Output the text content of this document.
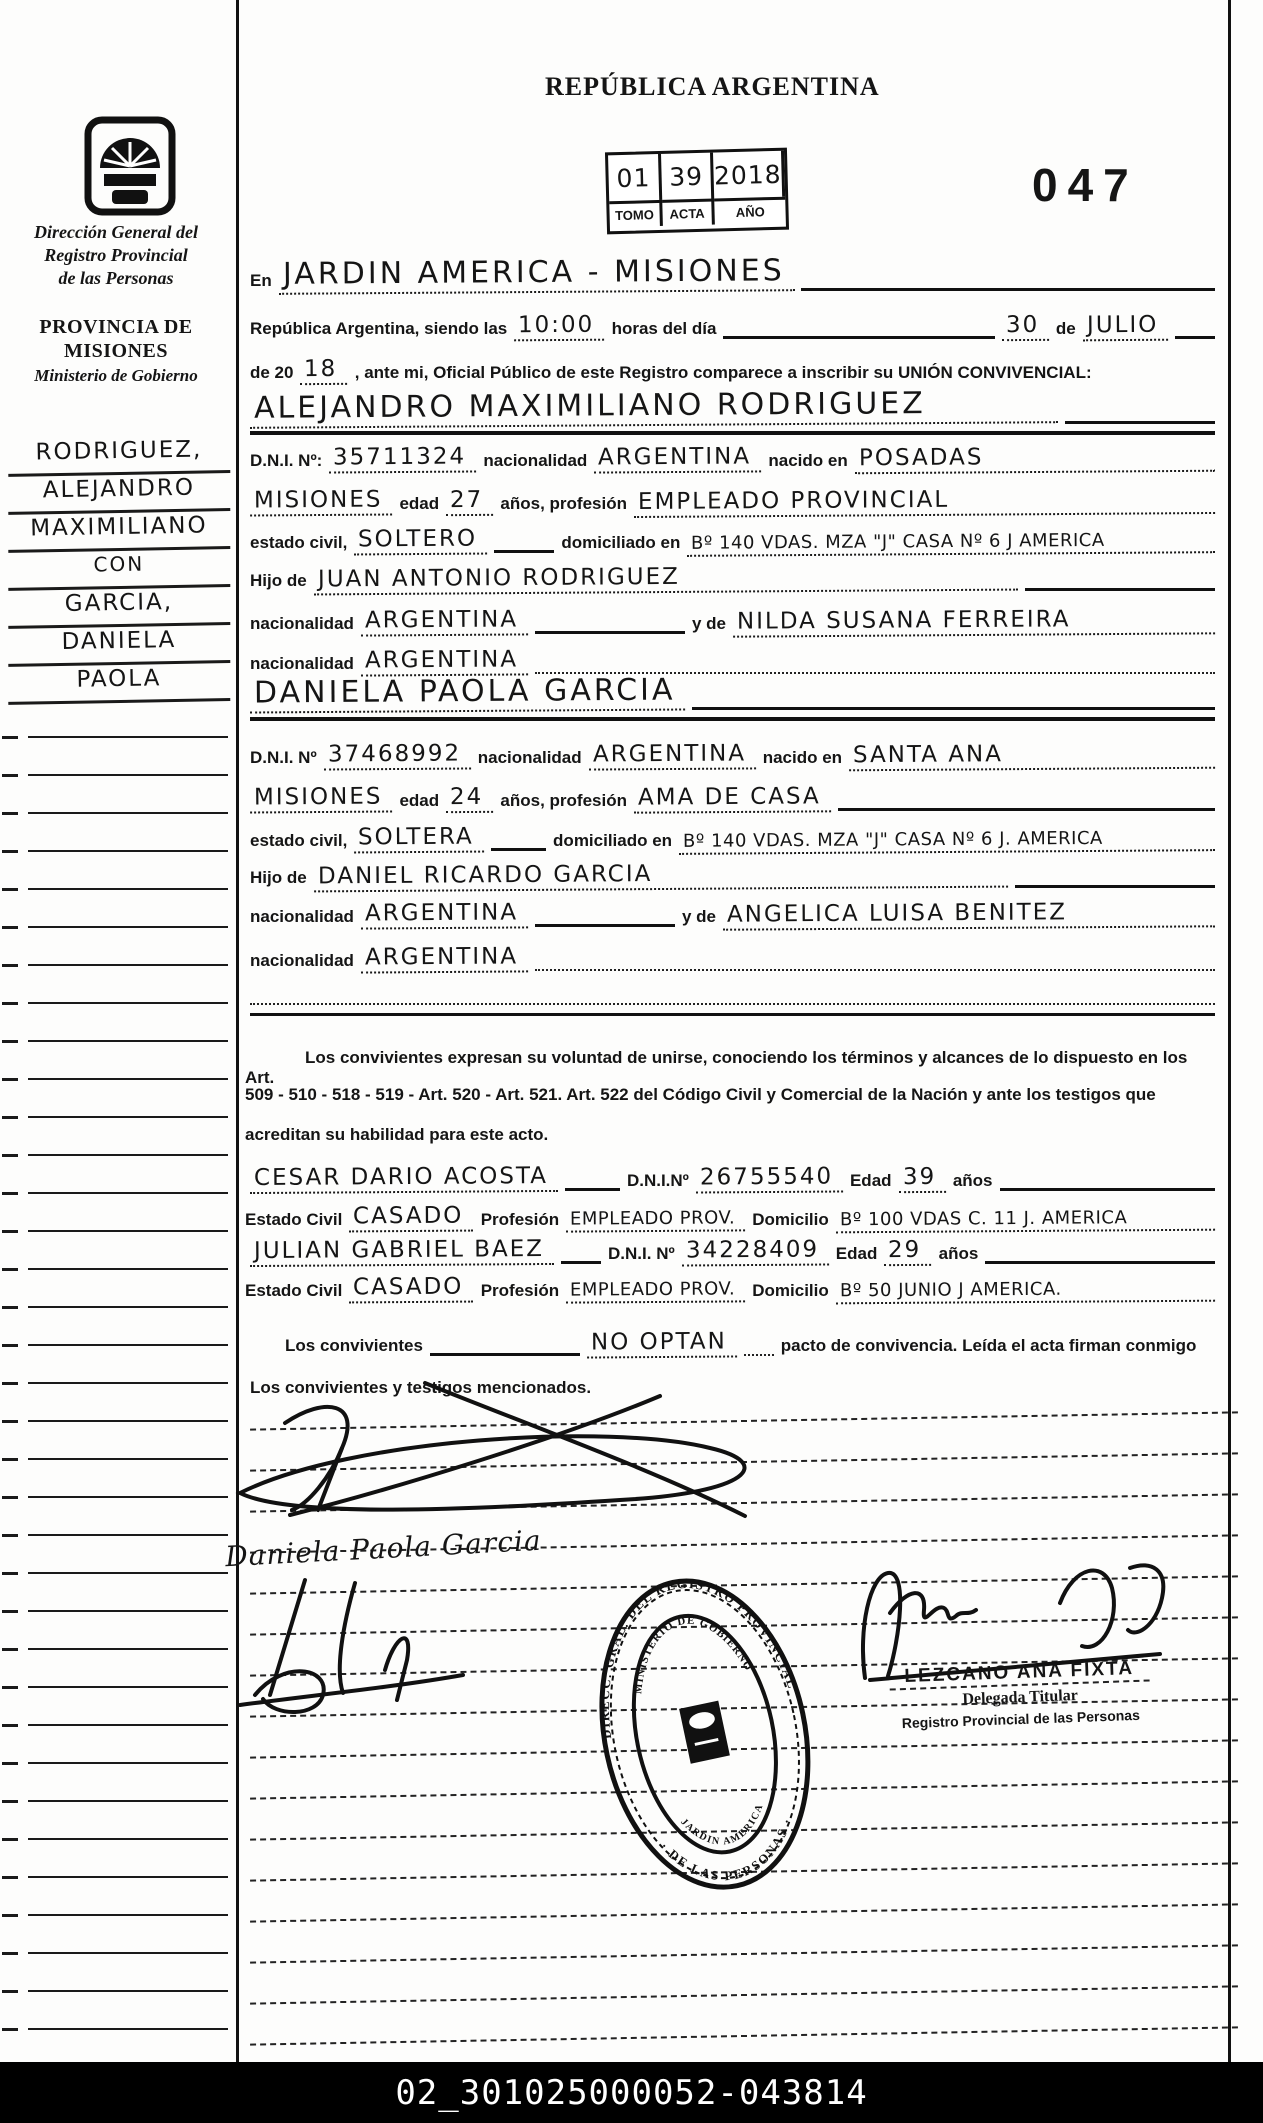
Dirección General del
Registro Provincial
de las Personas
PROVINCIA DE
MISIONES
Ministerio de Gobierno
RODRIGUEZ,
ALEJANDRO
MAXIMILIANO
CON
GARCIA,
DANIELA
PAOLA
REPÚBLICA ARGENTINA
047
01 39 2018
TOMO	ACTA	AÑO
En JARDIN AMERICA - MISIONES
República Argentina, siendo las 10:00 horas del día	30 de JULIO
de 20 18 , ante mi, Oficial Público de este Registro comparece a inscribir su UNIÓN CONVIVENCIAL:
ALEJANDRO MAXIMILIANO RODRIGUEZ
D.N.I. Nº: 35711324 nacionalidad ARGENTINA nacido en POSADAS
MISIONES edad 27 años, profesión EMPLEADO PROVINCIAL
estado civil, SOLTERO	domiciliado en Bº 140 VDAS. MZA "J" CASA Nº 6 J AMERICA
Hijo de JUAN ANTONIO RODRIGUEZ
nacionalidad ARGENTINA	y de NILDA SUSANA FERREIRA
nacionalidad ARGENTINA
DANIELA PAOLA GARCIA
D.N.I. Nº 37468992 nacionalidad ARGENTINA nacido en SANTA ANA
MISIONES edad 24 años, profesión AMA DE CASA
estado civil, SOLTERA	domiciliado en Bº 140 VDAS. MZA "J" CASA Nº 6 J. AMERICA
Hijo de DANIEL RICARDO GARCIA
nacionalidad ARGENTINA	y de ANGELICA LUISA BENITEZ
nacionalidad ARGENTINA
Los convivientes expresan su voluntad de unirse, conociendo los términos y alcances de lo dispuesto en los Art.
509 - 510 - 518 - 519 - Art. 520 - Art. 521. Art. 522 del Código Civil y Comercial de la Nación y ante los testigos que
acreditan su habilidad para este acto.
CESAR DARIO ACOSTA	D.N.I.Nº 26755540 Edad 39 años
Estado Civil CASADO Profesión EMPLEADO PROV. Domicilio Bº 100 VDAS C. 11 J. AMERICA
JULIAN GABRIEL BAEZ	D.N.I. Nº 34228409 Edad 29 años
Estado Civil CASADO Profesión EMPLEADO PROV. Domicilio Bº 50 JUNIO J AMERICA.
Los convivientes	NO OPTAN	pacto de convivencia. Leída el acta firman conmigo
Los convivientes y testigos mencionados.
Daniela Paola Garcia
DIRECC. GRAL. DEL REGISTRO PROVINCIAL
· DE LAS PERSONAS ·
MINISTERIO DE GOBIERNO
JARDIN AMERICA
LEZCANO ANA FIXTA
Delegada Titular
Registro Provincial de las Personas
02_301025000052-043814
